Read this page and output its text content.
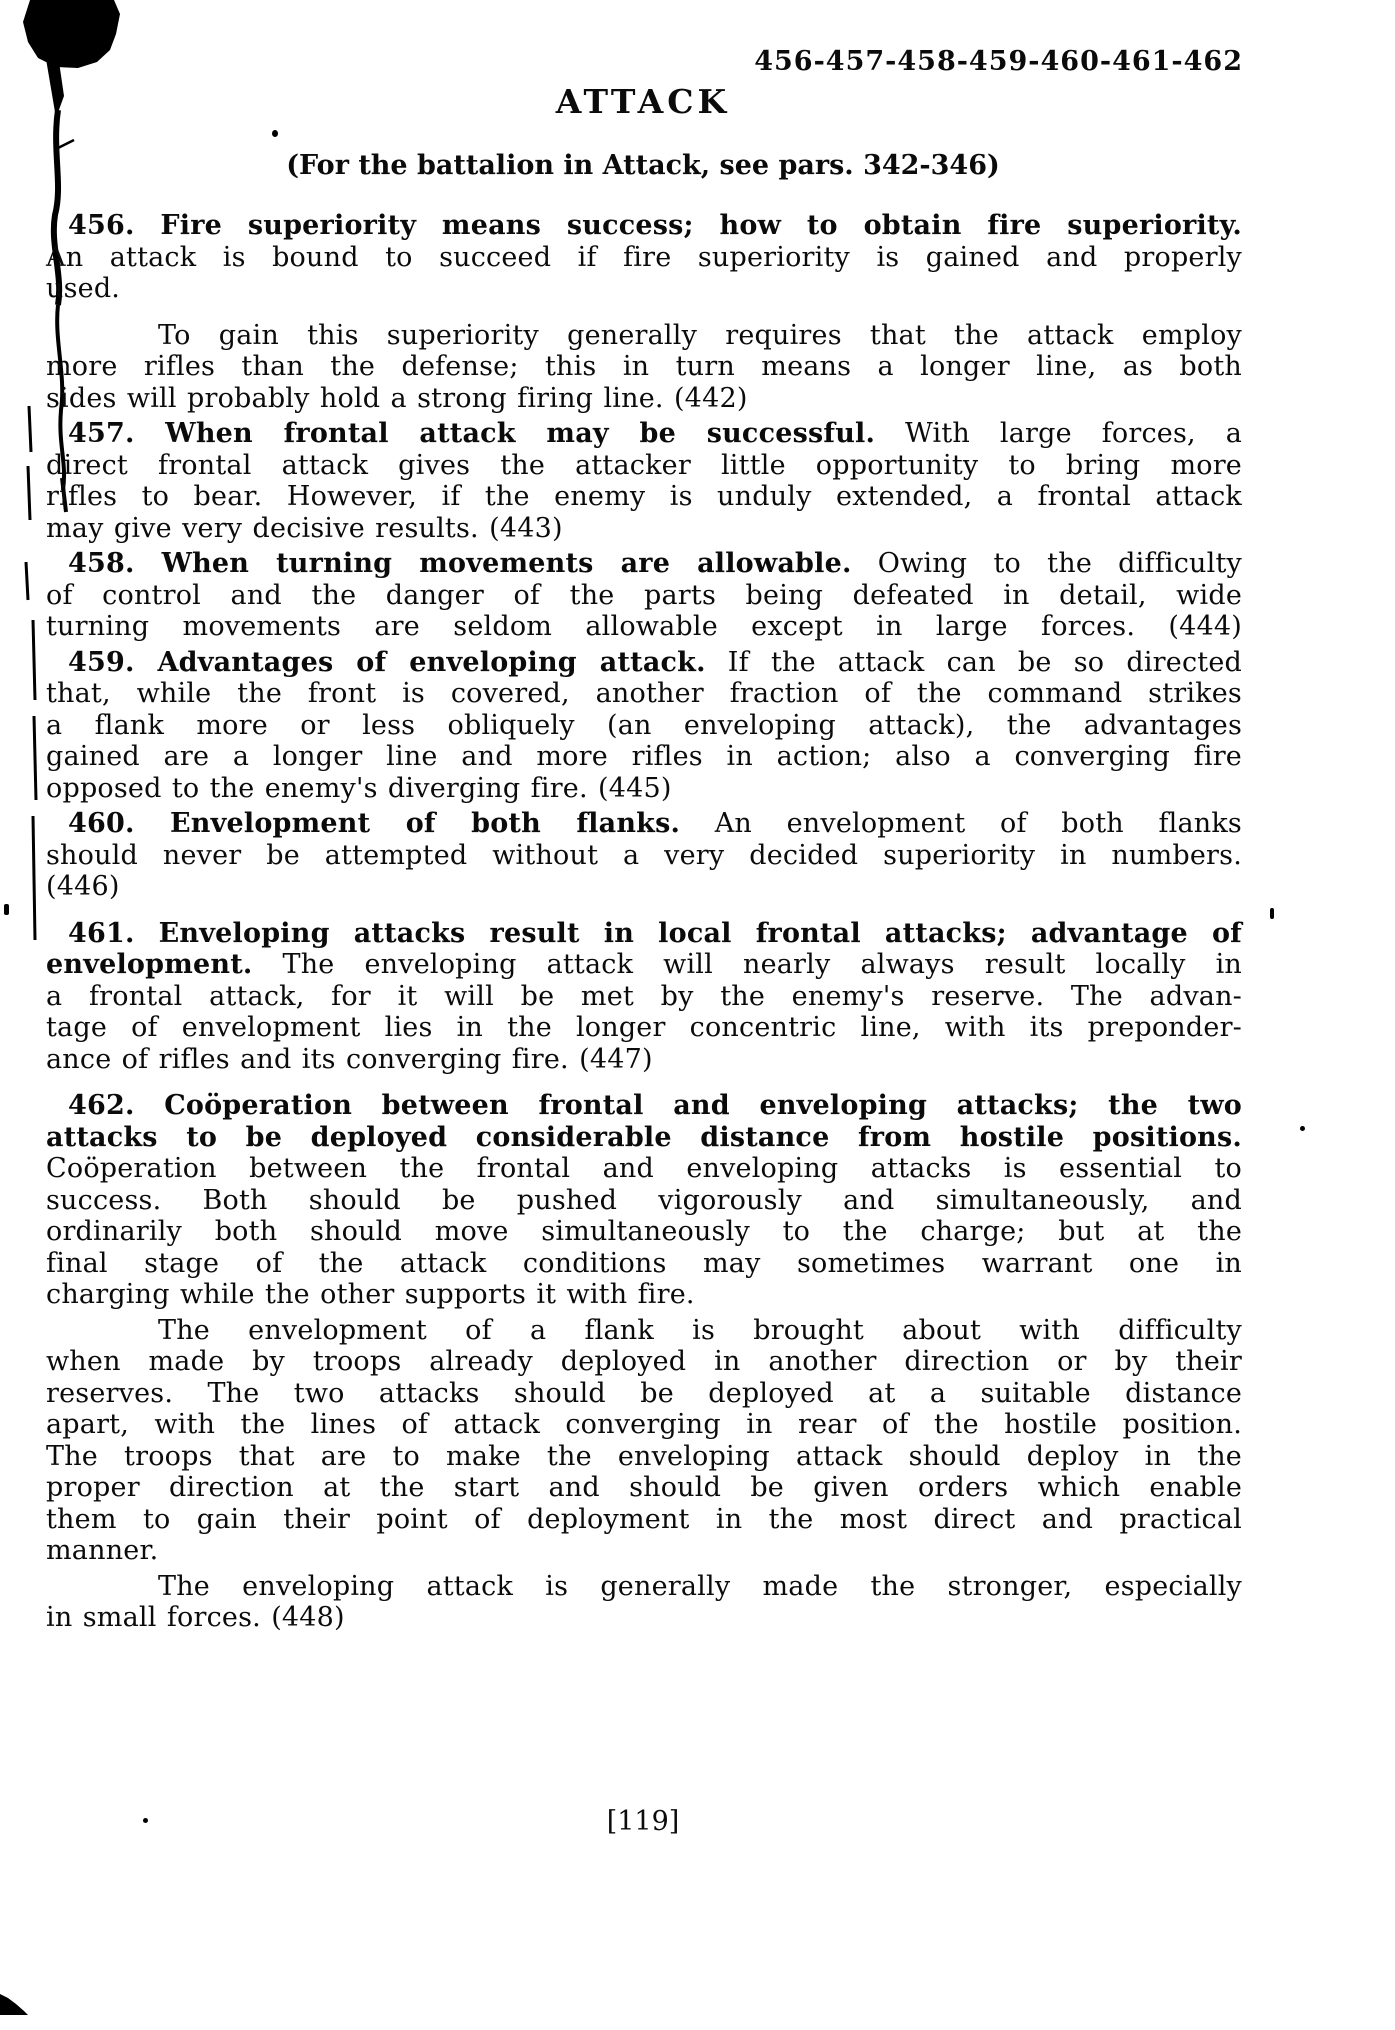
456-457-458-459-460-461-462
ATTACK
(For the battalion in Attack, see pars. 342-346)
456. Fire superiority means success; how to obtain fire superiority.
An attack is bound to succeed if fire superiority is gained and properly
used.
To gain this superiority generally requires that the attack employ
more rifles than the defense; this in turn means a longer line, as both
sides will probably hold a strong firing line. (442)
457. When frontal attack may be successful. With large forces, a
direct frontal attack gives the attacker little opportunity to bring more
rifles to bear. However, if the enemy is unduly extended, a frontal attack
may give very decisive results. (443)
458. When turning movements are allowable. Owing to the difficulty
of control and the danger of the parts being defeated in detail, wide
turning movements are seldom allowable except in large forces. (444)
459. Advantages of enveloping attack. If the attack can be so directed
that, while the front is covered, another fraction of the command strikes
a flank more or less obliquely (an enveloping attack), the advantages
gained are a longer line and more rifles in action; also a converging fire
opposed to the enemy's diverging fire. (445)
460. Envelopment of both flanks. An envelopment of both flanks
should never be attempted without a very decided superiority in numbers.
(446)
461. Enveloping attacks result in local frontal attacks; advantage of
envelopment. The enveloping attack will nearly always result locally in
a frontal attack, for it will be met by the enemy's reserve. The advan-
tage of envelopment lies in the longer concentric line, with its preponder-
ance of rifles and its converging fire. (447)
462. Coöperation between frontal and enveloping attacks; the two
attacks to be deployed considerable distance from hostile positions.
Coöperation between the frontal and enveloping attacks is essential to
success. Both should be pushed vigorously and simultaneously, and
ordinarily both should move simultaneously to the charge; but at the
final stage of the attack conditions may sometimes warrant one in
charging while the other supports it with fire.
The envelopment of a flank is brought about with difficulty
when made by troops already deployed in another direction or by their
reserves. The two attacks should be deployed at a suitable distance
apart, with the lines of attack converging in rear of the hostile position.
The troops that are to make the enveloping attack should deploy in the
proper direction at the start and should be given orders which enable
them to gain their point of deployment in the most direct and practical
manner.
The enveloping attack is generally made the stronger, especially
in small forces. (448)
[119]
